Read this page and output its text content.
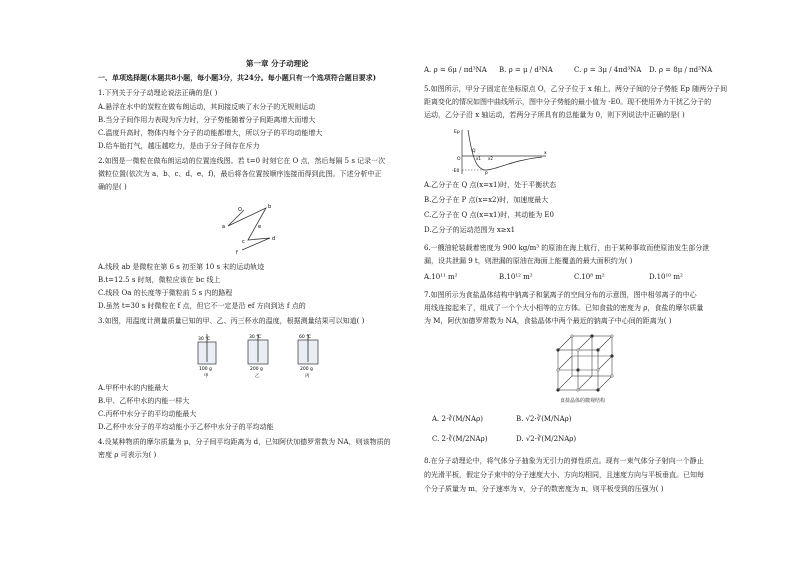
第一章 分子动理论
一、单项选择题(本题共8小题，每小题3分，共24分。每小题只有一个选项符合题目要求)
1.下列关于分子动理论说法正确的是( )
A.悬浮在水中的炭粒在做布朗运动，其间接反映了水分子的无规则运动
B.当分子间作用力表现为斥力时，分子势能随着分子间距离增大而增大
C.温度升高时，物体内每个分子的动能都增大，所以分子的平均动能增大
D.给车胎打气，越压越吃力，是由于分子间存在斥力
2.如图是一微粒在做布朗运动的位置连线图。若 t=0 时刻它在 O 点，然后每隔 5 s 记录一次
微粒位置(依次为 a、b、c、d、e、f)，最后将各位置按顺序连接而得到此图。下述分析中正
确的是( )
O
a
b
c	d
f
e
A.线段 ab 是微粒在第 6 s 初至第 10 s 末的运动轨迹
B.t=12.5 s 时刻，微粒应该在 bc 线上
C.线段 Oa 的长度等于微粒前 5 s 内的路程
D.虽然 t=30 s 时微粒在 f 点，但它不一定是沿 ef 方向到达 f 点的
3.如图，用温度计测量质量已知的甲、乙、丙三杯水的温度，根据测量结果可以知道( )
30 ℃
100 g
甲
30 ℃
200 g
乙
60 ℃
200 g
丙
A.甲杯中水的内能最大
B.甲、乙杯中水的内能一样大
C.丙杯中水分子的平均动能最大
D.乙杯中水分子的平均动能小于乙杯中水分子的平均动能
4.设某种物质的摩尔质量为 μ，分子间平均距离为 d，已知阿伏加德罗常数为 NA，则该物质的
密度 ρ 可表示为( )
A. ρ = 6μ / πd³NA	B. ρ = μ / d³NA	C. ρ = 3μ / 4πd³NA	D. ρ = 8μ / πd³NA
5.如图所示，甲分子固定在坐标原点 O，乙分子位于 x 轴上，两分子间的分子势能 Ep 随两分子间
距离变化的情况如图中曲线所示，图中分子势能的最小值为 -E0。现不使用外力干扰乙分子的
运动，乙分子沿 x 轴运动，若两分子所具有的总能量为 0，则下列说法中正确的是( )
Ep
x
O
-E0
Q
P
x1 x2
A.乙分子在 Q 点(x=x1)时，处于平衡状态
B.乙分子在 P 点(x=x2)时，加速度最大
C.乙分子在 Q 点(x=x1)时，其动能为 E0
D.乙分子的运动范围为 x≥x1
6.一艘油轮装载着密度为 900 kg/m³ 的原油在海上航行，由于某种事故而使原油发生部分泄
漏，设共泄漏 9 t，则泄漏的原油在海面上能覆盖的最大面积约为( )
A.10¹¹ m²	B.10¹² m²	C.10⁸ m²	D.10¹⁰ m²
7.如图所示为食盐晶体结构中钠离子和氯离子的空间分布的示意图，图中相邻离子的中心
用线连接起来了，组成了一个个大小相等的立方体。已知食盐的密度为 ρ，食盐的摩尔质量
为 M，阿伏加德罗常数为 NA，食盐晶体中两个最近的钠离子中心间的距离为( )
食盐晶体的微观结构
A. 2·∛(M/NAρ)	B. √2·∛(M/NAρ)
C. 2·∛(M/2NAρ)	D. √2·∛(M/2NAρ)
8.在分子动理论中，将气体分子抽象为无引力的弹性质点。现有一束气体分子射向一个静止
的光滑平板，假定分子束中的分子速度大小、方向均相同，且速度方向与平板垂直。已知每
个分子质量为 m，分子速率为 v，分子的数密度为 n，则平板受到的压强为( )
